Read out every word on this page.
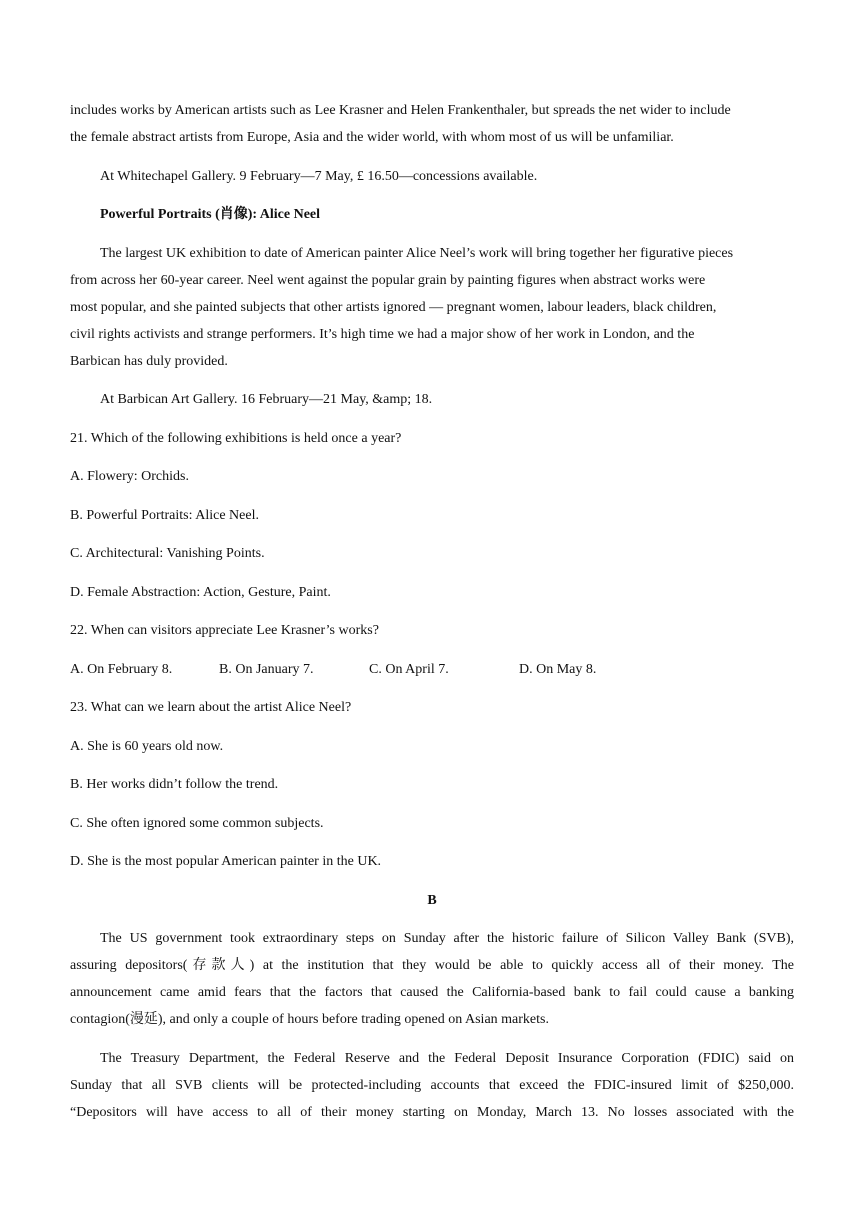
includes works by American artists such as Lee Krasner and Helen Frankenthaler, but spreads the net wider to include

the female abstract artists from Europe, Asia and the wider world, with whom most of us will be unfamiliar.

At Whitechapel Gallery. 9 February—7 May, £ 16.50—concessions available.

Powerful Portraits (肖像): Alice Neel

The largest UK exhibition to date of American painter Alice Neel’s work will bring together her figurative pieces

from across her 60-year career. Neel went against the popular grain by painting figures when abstract works were

most popular, and she painted subjects that other artists ignored — pregnant women, labour leaders, black children,

civil rights activists and strange performers. It’s high time we had a major show of her work in London, and the

Barbican has duly provided.

At Barbican Art Gallery. 16 February—21 May, &amp; 18.

21. Which of the following exhibitions is held once a year?

A. Flowery: Orchids.

B. Powerful Portraits: Alice Neel.

C. Architectural: Vanishing Points.

D. Female Abstraction: Action, Gesture, Paint.

22. When can visitors appreciate Lee Krasner’s works?

A. On February 8.	B. On January 7.	C. On April 7.	D. On May 8.

23. What can we learn about the artist Alice Neel?

A. She is 60 years old now.

B. Her works didn’t follow the trend.

C. She often ignored some common subjects.

D. She is the most popular American painter in the UK.

B

The US government took extraordinary steps on Sunday after the historic failure of Silicon Valley Bank (SVB),

assuring depositors(存款人) at the institution that they would be able to quickly access all of their money. The

announcement came amid fears that the factors that caused the California-based bank to fail could cause a banking

contagion(漫延), and only a couple of hours before trading opened on Asian markets.

The Treasury Department, the Federal Reserve and the Federal Deposit Insurance Corporation (FDIC) said on

Sunday that all SVB clients will be protected-including accounts that exceed the FDIC-insured limit of $250,000.

“Depositors will have access to all of their money starting on Monday, March 13. No losses associated with the
